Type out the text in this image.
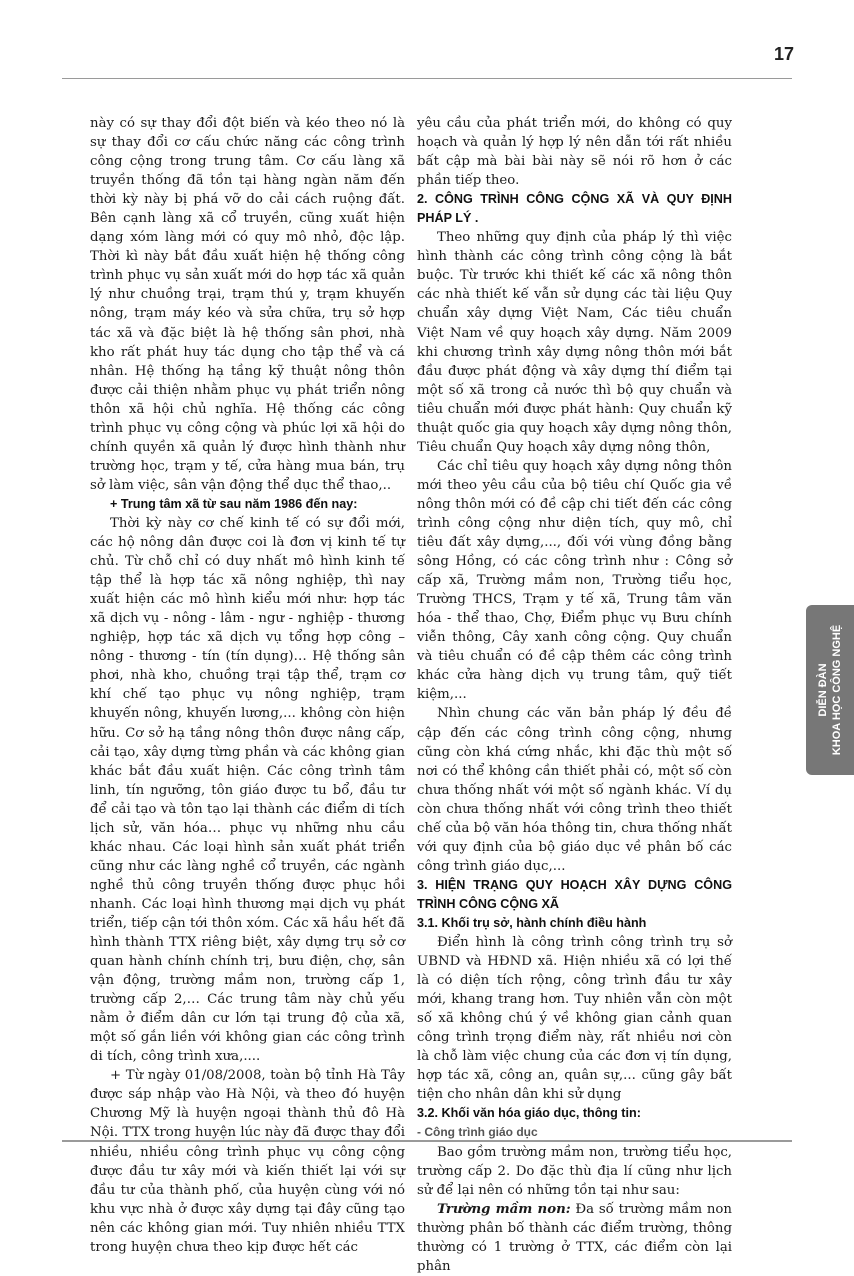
17

này có sự thay đổi đột biến và kéo theo nó là sự thay đổi cơ cấu chức năng các công trình công cộng trong trung tâm. Cơ cấu làng xã truyền thống đã tồn tại hàng ngàn năm đến thời kỳ này bị phá vỡ do cải cách ruộng đất. Bên cạnh làng xã cổ truyền, cũng xuất hiện dạng xóm làng mới có quy mô nhỏ, độc lập. Thời kì này bắt đầu xuất hiện hệ thống công trình phục vụ sản xuất mới do hợp tác xã quản lý như chuồng trại, trạm thú y, trạm khuyến nông, trạm máy kéo và sửa chữa, trụ sở hợp tác xã và đặc biệt là hệ thống sân phơi, nhà kho rất phát huy tác dụng cho tập thể và cá nhân. Hệ thống hạ tầng kỹ thuật nông thôn được cải thiện nhằm phục vụ phát triển nông thôn xã hội chủ nghĩa. Hệ thống các công trình phục vụ công cộng và phúc lợi xã hội do chính quyền xã quản lý được hình thành như trường học, trạm y tế, cửa hàng mua bán, trụ sở làm việc, sân vận động thể dục thể thao,..

+ Trung tâm xã từ sau năm 1986 đến nay:

Thời kỳ này cơ chế kinh tế có sự đổi mới, các hộ nông dân được coi là đơn vị kinh tế tự chủ. Từ chỗ chỉ có duy nhất mô hình kinh tế tập thể là hợp tác xã nông nghiệp, thì nay xuất hiện các mô hình kiểu mới như: hợp tác xã dịch vụ - nông - lâm - ngư - nghiệp - thương nghiệp, hợp tác xã dịch vụ tổng hợp công – nông - thương - tín (tín dụng)… Hệ thống sân phơi, nhà kho, chuồng trại tập thể, trạm cơ khí chế tạo phục vụ nông nghiệp, trạm khuyến nông, khuyến lương,... không còn hiện hữu. Cơ sở hạ tầng nông thôn được nâng cấp, cải tạo, xây dựng từng phần và các không gian khác bắt đầu xuất hiện. Các công trình tâm linh, tín ngưỡng, tôn giáo được tu bổ, đầu tư để cải tạo và tôn tạo lại thành các điểm di tích lịch sử, văn hóa… phục vụ những nhu cầu khác nhau. Các loại hình sản xuất phát triển cũng như các làng nghề cổ truyền, các ngành nghề thủ công truyền thống được phục hồi nhanh. Các loại hình thương mại dịch vụ phát triển, tiếp cận tới thôn xóm. Các xã hầu hết đã hình thành TTX riêng biệt, xây dựng trụ sở cơ quan hành chính chính trị, bưu điện, chợ, sân vận động, trường mầm non, trường cấp 1, trường cấp 2,… Các trung tâm này chủ yếu nằm ở điểm dân cư lớn tại trung độ của xã, một số gắn liền với không gian các công trình di tích, công trình xưa,....

+ Từ ngày 01/08/2008, toàn bộ tỉnh Hà Tây được sáp nhập vào Hà Nội, và theo đó huyện Chương Mỹ là huyện ngoại thành thủ đô Hà Nội. TTX trong huyện lúc này đã được thay đổi nhiều, nhiều công trình phục vụ công cộng được đầu tư xây mới và kiến thiết lại với sự đầu tư của thành phố, của huyện cùng với nó khu vực nhà ở được xây dựng tại đây cũng tạo nên các không gian mới. Tuy nhiên nhiều TTX trong huyện chưa theo kịp được hết các

yêu cầu của phát triển mới, do không có quy hoạch và quản lý hợp lý nên dẫn tới rất nhiều bất cập mà bài bài này sẽ nói rõ hơn ở các phần tiếp theo.

2. CÔNG TRÌNH CÔNG CỘNG XÃ VÀ QUY ĐỊNH PHÁP LÝ .

Theo những quy định của pháp lý thì việc hình thành các công trình công cộng là bắt buộc. Từ trước khi thiết kế các xã nông thôn các nhà thiết kế vẫn sử dụng các tài liệu Quy chuẩn xây dựng Việt Nam, Các tiêu chuẩn Việt Nam về quy hoạch xây dựng. Năm 2009 khi chương trình xây dựng nông thôn mới bắt đầu được phát động và xây dựng thí điểm tại một số xã trong cả nước thì bộ quy chuẩn và tiêu chuẩn mới được phát hành: Quy chuẩn kỹ thuật quốc gia quy hoạch xây dựng nông thôn, Tiêu chuẩn Quy hoạch xây dựng nông thôn,

Các chỉ tiêu quy hoạch xây dựng nông thôn mới theo yêu cầu của bộ tiêu chí Quốc gia về nông thôn mới có đề cập chi tiết đến các công trình công cộng như diện tích, quy mô, chỉ tiêu đất xây dựng,..., đối với vùng đồng bằng sông Hồng, có các công trình như : Công sở cấp xã, Trường mầm non, Trường tiểu học, Trường THCS, Trạm y tế xã, Trung tâm văn hóa - thể thao, Chợ, Điểm phục vụ Bưu chính viễn thông, Cây xanh công cộng. Quy chuẩn và tiêu chuẩn có đề cập thêm các công trình khác cửa hàng dịch vụ trung tâm, quỹ tiết kiệm,...

Nhìn chung các văn bản pháp lý đều đề cập đến các công trình công cộng, nhưng cũng còn khá cứng nhắc, khi đặc thù một số nơi có thể không cần thiết phải có, một số còn chưa thống nhất với một số ngành khác. Ví dụ còn chưa thống nhất với công trình theo thiết chế của bộ văn hóa thông tin, chưa thống nhất với quy định của bộ giáo dục về phân bố các công trình giáo dục,...

3. HIỆN TRẠNG QUY HOẠCH XÂY DỰNG CÔNG TRÌNH CÔNG CỘNG XÃ

3.1. Khối trụ sở, hành chính điều hành

Điển hình là công trình công trình trụ sở UBND và HĐND xã. Hiện nhiều xã có lợi thế là có diện tích rộng, công trình đầu tư xây mới, khang trang hơn. Tuy nhiên vẫn còn một số xã không chú ý về không gian cảnh quan công trình trọng điểm này, rất nhiều nơi còn là chỗ làm việc chung của các đơn vị tín dụng, hợp tác xã, công an, quân sự,... cũng gây bất tiện cho nhân dân khi sử dụng

3.2. Khối văn hóa giáo dục, thông tin:

- Công trình giáo dục

Bao gồm trường mầm non, trường tiểu học, trường cấp 2. Do đặc thù địa lí cũng như lịch sử để lại nên có những tồn tại như sau:

Trường mầm non: Đa số trường mầm non thường phân bố thành các điểm trường, thông thường có 1 trường ở TTX, các điểm còn lại phân

DIỄN ĐÀN KHOA HỌC CÔNG NGHỆ
